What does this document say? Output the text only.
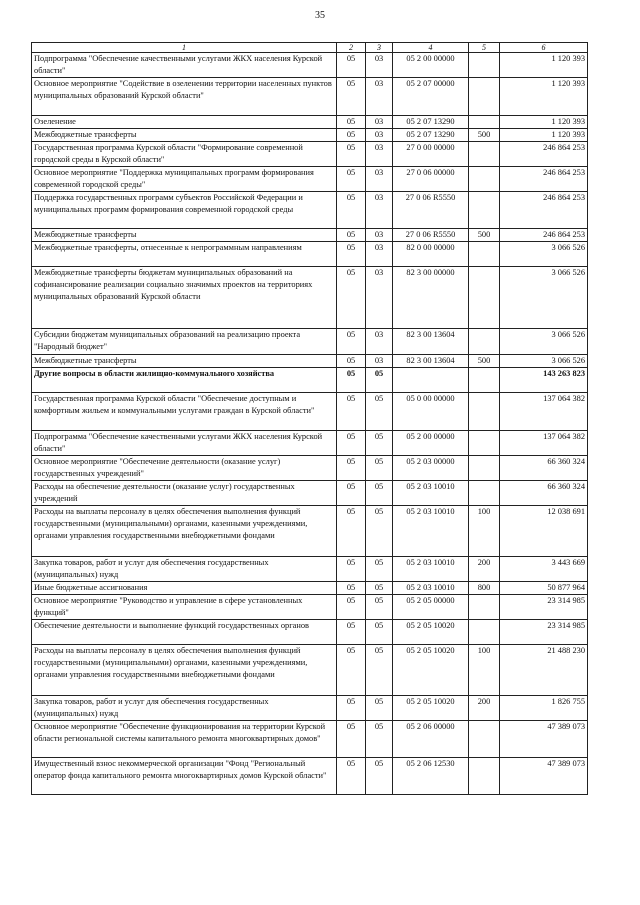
35
1	2	3	4	5	6
Подпрограмма "Обеспечение качественными услугами ЖКХ населения Курской области"	05	03	05 2 00 00000		1 120 393
Основное мероприятие "Содействие в озеленении территории населенных пунктов муниципальных образований Курской области"	05	03	05 2 07 00000		1 120 393
Озеленение	05	03	05 2 07 13290		1 120 393
Межбюджетные трансферты	05	03	05 2 07 13290	500	1 120 393
Государственная программа Курской области "Формирование современной городской среды в Курской области"	05	03	27 0 00 00000		246 864 253
Основное мероприятие "Поддержка муниципальных программ формирования современной городской среды"	05	03	27 0 06 00000		246 864 253
Поддержка государственных программ субъектов Российской Федерации и муниципальных программ формирования современной городской среды	05	03	27 0 06 R5550		246 864 253
Межбюджетные трансферты	05	03	27 0 06 R5550	500	246 864 253
Межбюджетные трансферты, отнесенные к непрограммным направлениям	05	03	82 0 00 00000		3 066 526
Межбюджетные трансферты бюджетам муниципальных образований на софинансирование реализации социально значимых проектов на территориях муниципальных образований Курской области	05	03	82 3 00 00000		3 066 526
Субсидии бюджетам муниципальных образований на реализацию проекта "Народный бюджет"	05	03	82 3 00 13604		3 066 526
Межбюджетные трансферты	05	03	82 3 00 13604	500	3 066 526
Другие вопросы в области жилищно-коммунального хозяйства	05	05			143 263 823
Государственная программа Курской области "Обеспечение доступным и комфортным жильем и коммунальными услугами граждан в Курской области"	05	05	05 0 00 00000		137 064 382
Подпрограмма "Обеспечение качественными услугами ЖКХ населения Курской области"	05	05	05 2 00 00000		137 064 382
Основное мероприятие "Обеспечение деятельности (оказание услуг) государственных учреждений"	05	05	05 2 03 00000		66 360 324
Расходы на обеспечение деятельности (оказание услуг) государственных учреждений	05	05	05 2 03 10010		66 360 324
Расходы на выплаты персоналу в целях обеспечения выполнения функций государственными (муниципальными) органами, казенными учреждениями, органами управления государственными внебюджетными фондами	05	05	05 2 03 10010	100	12 038 691
Закупка товаров, работ и услуг для обеспечения государственных (муниципальных) нужд	05	05	05 2 03 10010	200	3 443 669
Иные бюджетные ассигнования	05	05	05 2 03 10010	800	50 877 964
Основное мероприятие "Руководство и управление в сфере установленных функций"	05	05	05 2 05 00000		23 314 985
Обеспечение деятельности и выполнение функций государственных органов	05	05	05 2 05 10020		23 314 985
Расходы на выплаты персоналу в целях обеспечения выполнения функций государственными (муниципальными) органами, казенными учреждениями, органами управления государственными внебюджетными фондами	05	05	05 2 05 10020	100	21 488 230
Закупка товаров, работ и услуг для обеспечения государственных (муниципальных) нужд	05	05	05 2 05 10020	200	1 826 755
Основное мероприятие "Обеспечение функционирования на территории Курской области региональной системы капитального ремонта многоквартирных домов"	05	05	05 2 06 00000		47 389 073
Имущественный взнос некоммерческой организации "Фонд "Региональный оператор фонда капитального ремонта многоквартирных домов Курской области"	05	05	05 2 06 12530		47 389 073
